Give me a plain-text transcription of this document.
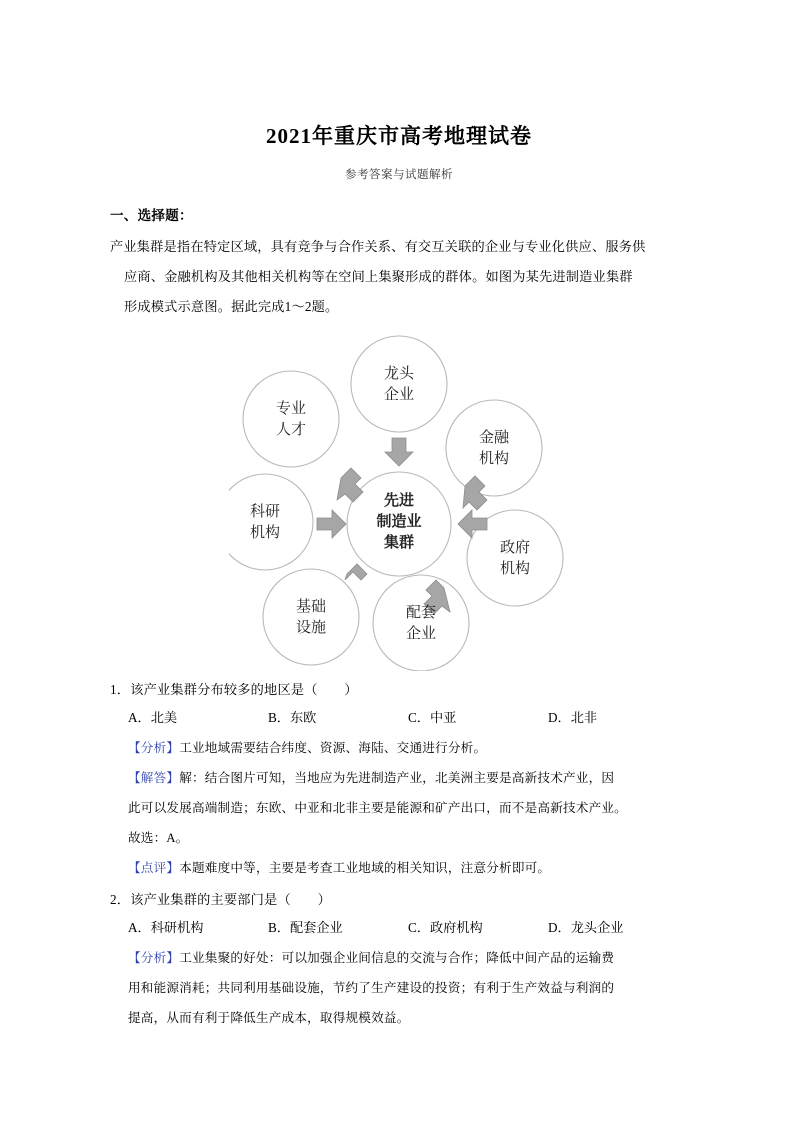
2021年重庆市高考地理试卷
参考答案与试题解析
一、选择题：
产业集群是指在特定区域，具有竞争与合作关系、有交互关联的企业与专业化供应、服务供
应商、金融机构及其他相关机构等在空间上集聚形成的群体。如图为某先进制造业集群
形成模式示意图。据此完成1～2题。
龙头
企业
金融
机构
政府
机构
配套
企业
基础
设施
科研
机构
专业
人才
先进
制造业
集群
1．该产业集群分布较多的地区是（　　）
A．北美	B．东欧	C．中亚	D．北非
【分析】工业地域需要结合纬度、资源、海陆、交通进行分析。
【解答】解：结合图片可知，当地应为先进制造产业，北美洲主要是高新技术产业，因
此可以发展高端制造；东欧、中亚和北非主要是能源和矿产出口，而不是高新技术产业。
故选：A。
【点评】本题难度中等，主要是考查工业地域的相关知识，注意分析即可。
2．该产业集群的主要部门是（　　）
A．科研机构	B．配套企业	C．政府机构	D．龙头企业
【分析】工业集聚的好处：可以加强企业间信息的交流与合作；降低中间产品的运输费
用和能源消耗；共同利用基础设施，节约了生产建设的投资；有利于生产效益与利润的
提高，从而有利于降低生产成本，取得规模效益。
